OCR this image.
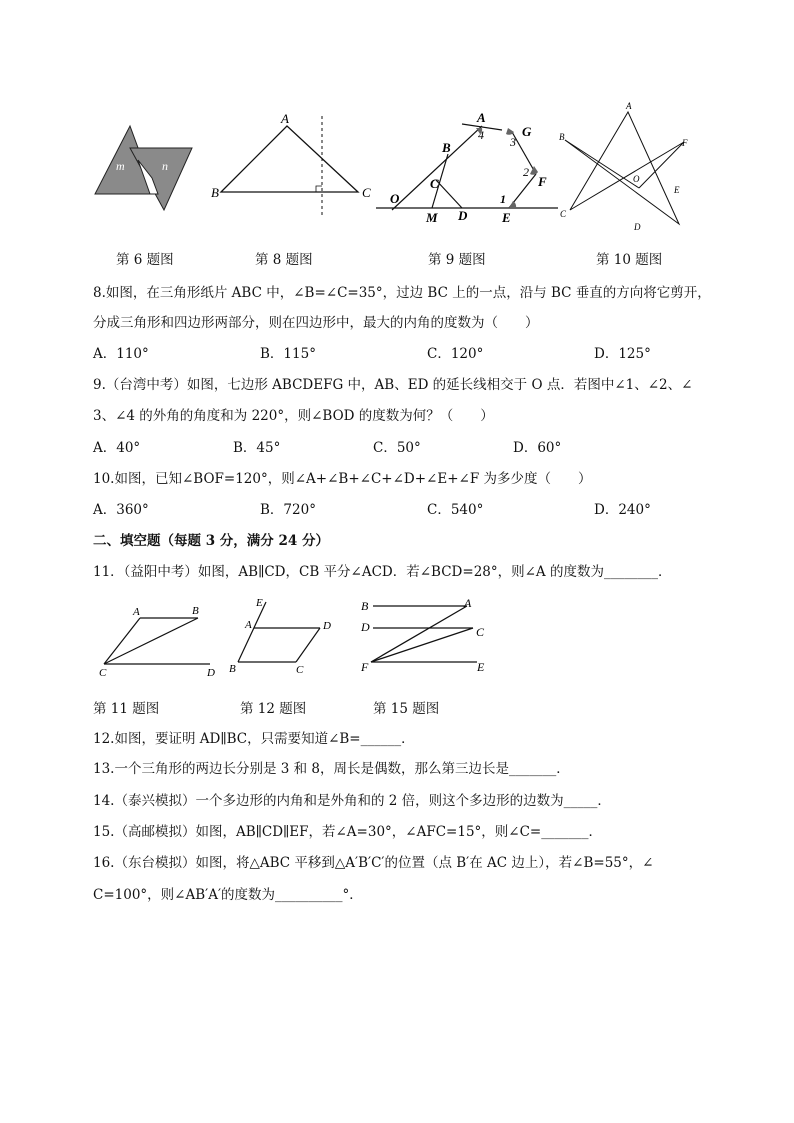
m	n
A
B	C
A
4 3
G
B
C
2
F
O
M D
1
E
A
B
F
O
C
E
D
第 6 题图	第 8 题图	第 9 题图	第 10 题图
8.如图，在三角形纸片 ABC 中，∠B=∠C=35°，过边 BC 上的一点，沿与 BC 垂直的方向将它剪开，
分成三角形和四边形两部分，则在四边形中，最大的内角的度数为（　　）
A．110°	B．115°	C．120°	D．125°
9.（台湾中考）如图，七边形 ABCDEFG 中，AB、ED 的延长线相交于 O 点．若图中∠1、∠2、∠
3、∠4 的外角的角度和为 220°，则∠BOD 的度数为何？（　　）
A．40°	B．45°	C．50°	D．60°
10.如图，已知∠BOF=120°，则∠A+∠B+∠C+∠D+∠E+∠F 为多少度（　　）
A．360°	B．720°	C．540°	D．240°
二、填空题（每题 3 分，满分 24 分）
11．（益阳中考）如图，AB∥CD，CB 平分∠ACD．若∠BCD=28°，则∠A 的度数为________．
A	B
C	D
E
A	D
B	C
B	A
D	C
F	E
第 11 题图	第 12 题图	第 15 题图
12.如图，要证明 AD∥BC，只需要知道∠B=______．
13.一个三角形的两边长分别是 3 和 8，周长是偶数，那么第三边长是_______．
14.（泰兴模拟）一个多边形的内角和是外角和的 2 倍，则这个多边形的边数为_____．
15.（高邮模拟）如图，AB∥CD∥EF，若∠A=30°，∠AFC=15°，则∠C=_______．
16.（东台模拟）如图，将△ABC 平移到△A′B′C′的位置（点 B′在 AC 边上），若∠B=55°，∠
C=100°，则∠AB′A′的度数为__________°．
